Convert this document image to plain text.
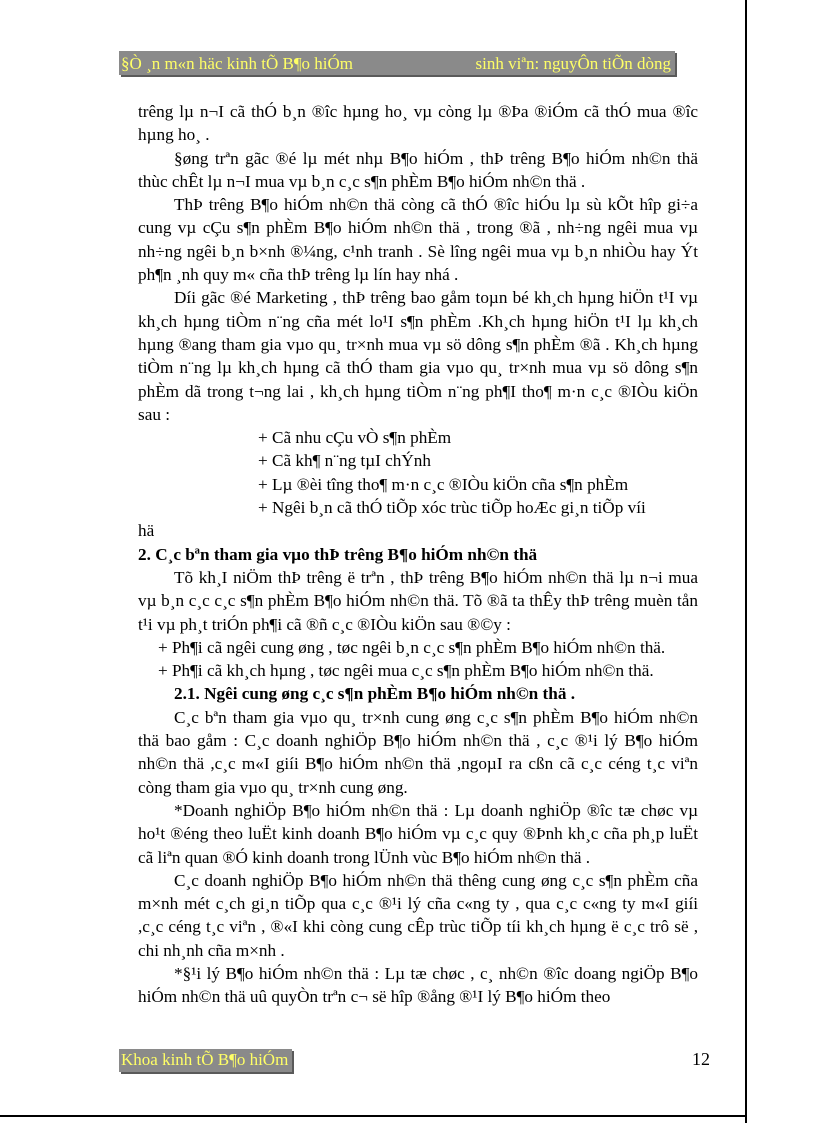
§Ò ¸n m«n häc kinh tÕ B¶o hiÓm	sinh viªn: nguyÔn tiÕn dòng

trêng lµ n¬I cã thÓ b¸n ®îc hµng ho¸ vµ còng lµ ®Þa ®iÓm cã thÓ mua ®îc hµng ho¸ .

§øng trªn gãc ®é lµ mét nhµ B¶o hiÓm , thÞ trêng B¶o hiÓm nh©n thä thùc chÊt lµ n¬I mua vµ b¸n c¸c s¶n phÈm B¶o hiÓm nh©n thä .

ThÞ trêng B¶o hiÓm nh©n thä còng cã thÓ ®îc hiÓu lµ sù kÕt hîp gi÷a cung vµ cÇu s¶n phÈm B¶o hiÓm nh©n thä , trong ®ã , nh÷ng ngêi mua vµ nh÷ng ngêi b¸n b×nh ®¼ng, c¹nh tranh . Sè lîng ngêi mua vµ b¸n nhiÒu hay Ýt ph¶n ¸nh quy m« cña thÞ trêng lµ lín hay nhá .

Díi gãc ®é Marketing , thÞ trêng bao gåm toµn bé kh¸ch hµng hiÖn t¹I vµ kh¸ch hµng tiÒm n¨ng cña mét lo¹I s¶n phÈm .Kh¸ch hµng hiÖn t¹I lµ kh¸ch hµng ®ang tham gia vµo qu¸ tr×nh mua vµ sö dông s¶n phÈm ®ã . Kh¸ch hµng tiÒm n¨ng lµ kh¸ch hµng cã thÓ tham gia vµo qu¸ tr×nh mua vµ sö dông s¶n phÈm dã trong t¬ng lai , kh¸ch hµng tiÒm n¨ng ph¶I tho¶ m·n c¸c ®IÒu kiÖn sau :

+ Cã nhu cÇu vÒ s¶n phÈm

+ Cã kh¶ n¨ng tµI chÝnh

+ Lµ ®èi tîng tho¶ m·n c¸c ®IÒu kiÖn cña s¶n phÈm

+ Ngêi b¸n cã thÓ tiÕp xóc trùc tiÕp hoÆc gi¸n tiÕp víi

hä

2. C¸c bªn tham gia vµo thÞ trêng B¶o hiÓm nh©n thä

Tõ kh¸I niÖm thÞ trêng ë trªn , thÞ trêng B¶o hiÓm nh©n thä lµ n¬i mua vµ b¸n c¸c c¸c s¶n phÈm B¶o hiÓm nh©n thä. Tõ ®ã ta thÊy thÞ trêng muèn tån t¹i vµ ph¸t triÓn ph¶i cã ®ñ c¸c ®IÒu kiÖn sau ®©y :

+ Ph¶i cã ngêi cung øng , tøc ngêi b¸n c¸c s¶n phÈm B¶o hiÓm nh©n thä.

+ Ph¶i cã kh¸ch hµng , tøc ngêi mua c¸c s¶n phÈm B¶o hiÓm nh©n thä.

2.1. Ngêi cung øng c¸c s¶n phÈm B¶o hiÓm nh©n thä .

C¸c bªn tham gia vµo qu¸ tr×nh cung øng c¸c s¶n phÈm B¶o hiÓm nh©n thä bao gåm : C¸c doanh nghiÖp B¶o hiÓm nh©n thä , c¸c ®¹i lý B¶o hiÓm nh©n thä ,c¸c m«I giíi B¶o hiÓm nh©n thä ,ngoµI ra cßn cã c¸c céng t¸c viªn còng tham gia vµo qu¸ tr×nh cung øng.

*Doanh nghiÖp B¶o hiÓm nh©n thä : Lµ doanh nghiÖp ®îc tæ chøc vµ ho¹t ®éng theo luËt kinh doanh B¶o hiÓm vµ c¸c quy ®Þnh kh¸c cña ph¸p luËt cã liªn quan ®Ó kinh doanh trong lÜnh vùc B¶o hiÓm nh©n thä .

C¸c doanh nghiÖp B¶o hiÓm nh©n thä thêng cung øng c¸c s¶n phÈm cña m×nh mét c¸ch gi¸n tiÕp qua c¸c ®¹i lý cña c«ng ty , qua c¸c c«ng ty m«I giíi ,c¸c céng t¸c viªn , ®«I khi còng cung cÊp trùc tiÕp tíi kh¸ch hµng ë c¸c trô së , chi nh¸nh cña m×nh .

*§¹i lý B¶o hiÓm nh©n thä : Lµ tæ chøc , c¸ nh©n ®îc doang ngiÖp B¶o hiÓm nh©n thä uû quyÒn trªn c¬ së hîp ®ång ®¹I lý B¶o hiÓm theo

Khoa kinh tÕ B¶o hiÓm	12
